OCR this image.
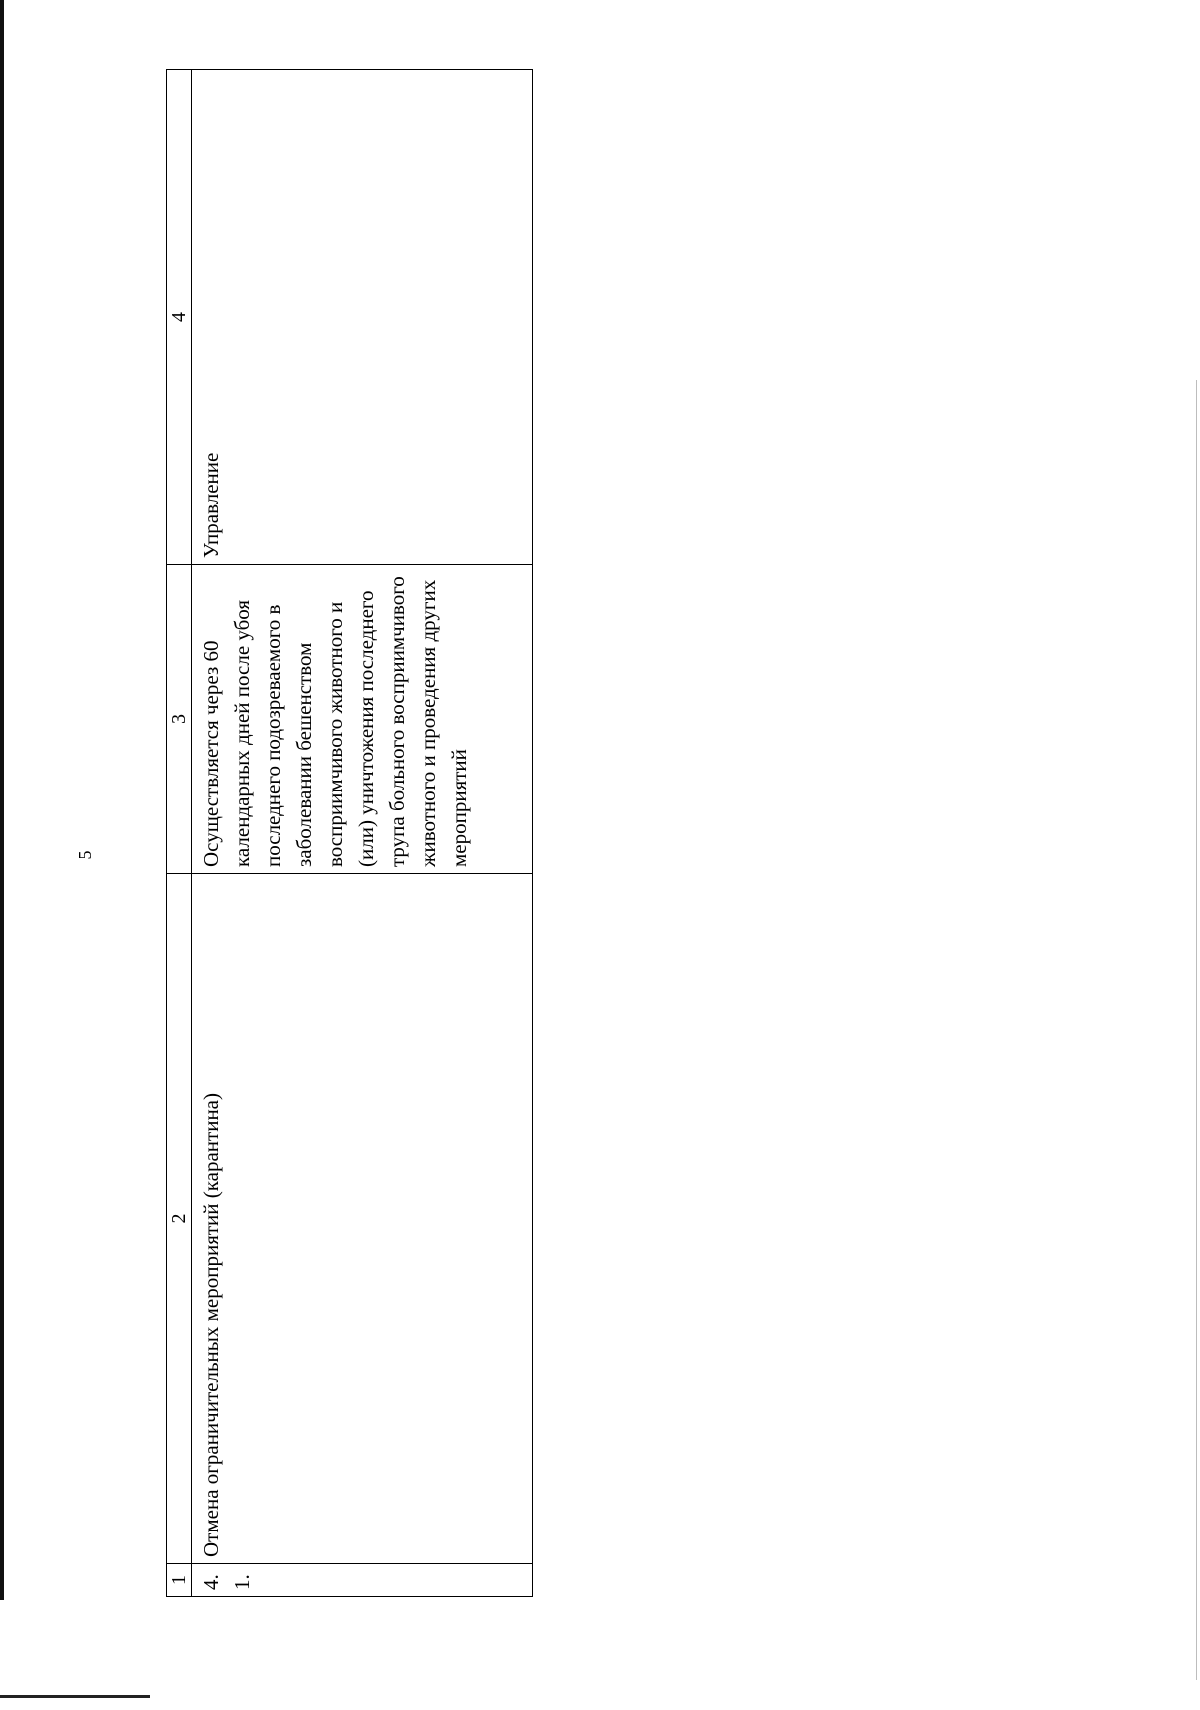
5
1	2	3	4
4.1.	Отмена ограничительных мероприятий (карантина)	Осуществляется через 60 календарных дней после убоя последнего подозреваемого в заболевании бешенством восприимчивого животного и (или) уничтожения последнего трупа больного восприимчивого животного и проведения других мероприятий	Управление
